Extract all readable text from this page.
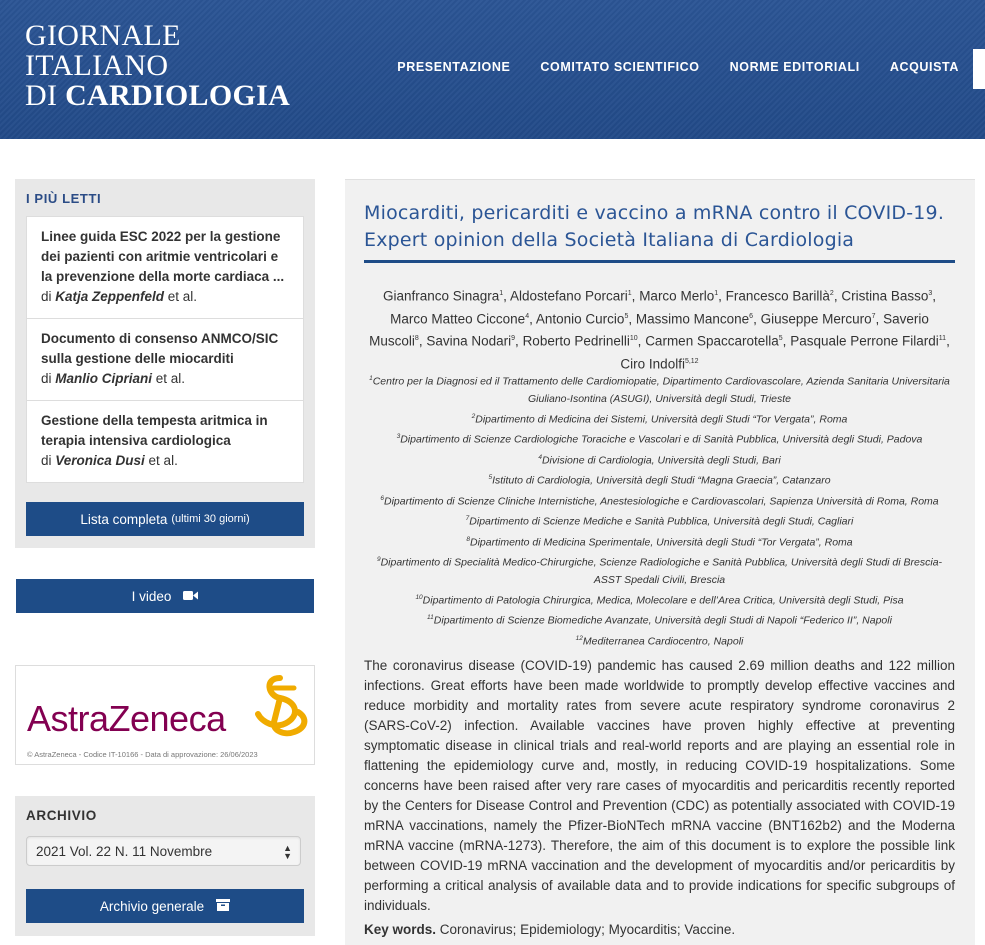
GIORNALE
ITALIANO
DI CARDIOLOGIA
PRESENTAZIONE COMITATO SCIENTIFICO NORME EDITORIALI ACQUISTA
I PIÙ LETTI
Linee guida ESC 2022 per la gestione dei pazienti con aritmie ventricolari e la prevenzione della morte cardiaca ...
di Katja Zeppenfeld et al.
Documento di consenso ANMCO/SIC sulla gestione delle miocarditi
di Manlio Cipriani et al.
Gestione della tempesta aritmica in terapia intensiva cardiologica
di Veronica Dusi et al.
Lista completa (ultimi 30 giorni)
I video
AstraZeneca
© AstraZeneca - Codice IT-10166 - Data di approvazione: 26/06/2023
ARCHIVIO
2021 Vol. 22 N. 11 Novembre	▲
▼
Archivio generale
Miocarditi, pericarditi e vaccino a mRNA contro il COVID-19. Expert opinion della Società Italiana di Cardiologia
Gianfranco Sinagra$^1$, Aldostefano Porcari$^1$, Marco Merlo$^1$, Francesco Barillà$^2$, Cristina Basso$^3$, Marco Matteo Ciccone$^4$, Antonio Curcio$^5$, Massimo Mancone$^6$, Giuseppe Mercuro$^7$, Saverio Muscoli$^8$, Savina Nodari$^9$, Roberto Pedrinelli$^{10}$, Carmen Spaccarotella$^5$, Pasquale Perrone Filardi$^{11}$, Ciro Indolfi$^{5,12}$
$^1$Centro per la Diagnosi ed il Trattamento delle Cardiomiopatie, Dipartimento Cardiovascolare, Azienda Sanitaria Universitaria Giuliano-Isontina (ASUGI), Università degli Studi, Trieste
$^2$Dipartimento di Medicina dei Sistemi, Università degli Studi “Tor Vergata”, Roma
$^3$Dipartimento di Scienze Cardiologiche Toraciche e Vascolari e di Sanità Pubblica, Università degli Studi, Padova
$^4$Divisione di Cardiologia, Università degli Studi, Bari
$^5$Istituto di Cardiologia, Università degli Studi “Magna Graecia”, Catanzaro
$^6$Dipartimento di Scienze Cliniche Internistiche, Anestesiologiche e Cardiovascolari, Sapienza Università di Roma, Roma
$^7$Dipartimento di Scienze Mediche e Sanità Pubblica, Università degli Studi, Cagliari
$^8$Dipartimento di Medicina Sperimentale, Università degli Studi “Tor Vergata”, Roma
$^9$Dipartimento di Specialità Medico-Chirurgiche, Scienze Radiologiche e Sanità Pubblica, Università degli Studi di Brescia-ASST Spedali Civili, Brescia
$^{10}$Dipartimento di Patologia Chirurgica, Medica, Molecolare e dell’Area Critica, Università degli Studi, Pisa
$^{11}$Dipartimento di Scienze Biomediche Avanzate, Università degli Studi di Napoli “Federico II”, Napoli
$^{12}$Mediterranea Cardiocentro, Napoli
The coronavirus disease (COVID-19) pandemic has caused 2.69 million deaths and 122 million infections. Great efforts have been made worldwide to promptly develop effective vaccines and reduce morbidity and mortality rates from severe acute respiratory syndrome coronavirus 2 (SARS-CoV-2) infection. Available vaccines have proven highly effective at preventing symptomatic disease in clinical trials and real-world reports and are playing an essential role in flattening the epidemiology curve and, mostly, in reducing COVID-19 hospitalizations. Some concerns have been raised after very rare cases of myocarditis and pericarditis recently reported by the Centers for Disease Control and Prevention (CDC) as potentially associated with COVID-19 mRNA vaccinations, namely the Pfizer-BioNTech mRNA vaccine (BNT162b2) and the Moderna mRNA vaccine (mRNA-1273). Therefore, the aim of this document is to explore the possible link between COVID-19 mRNA vaccination and the development of myocarditis and/or pericarditis by performing a critical analysis of available data and to provide indications for specific subgroups of individuals.
Key words. Coronavirus; Epidemiology; Myocarditis; Vaccine.
